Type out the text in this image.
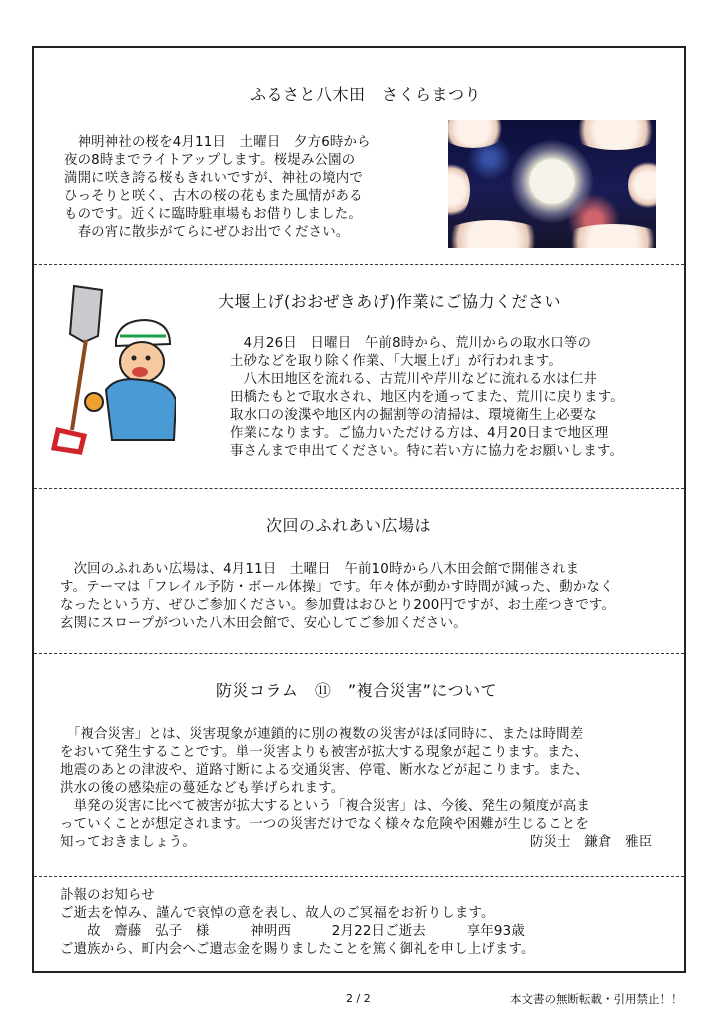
ふるさと八木田　さくらまつり
　神明神社の桜を4月11日　土曜日　夕方6時から
夜の8時までライトアップします。桜堤み公園の
満開に咲き誇る桜もきれいですが、神社の境内で
ひっそりと咲く、古木の桜の花もまた風情がある
ものです。近くに臨時駐車場もお借りしました。
　春の宵に散歩がてらにぜひお出でください。
大堰上げ(おおぜきあげ)作業にご協力ください
　4月26日　日曜日　午前8時から、荒川からの取水口等の
土砂などを取り除く作業、「大堰上げ」が行われます。
　八木田地区を流れる、古荒川や芹川などに流れる水は仁井
田橋たもとで取水され、地区内を通ってまた、荒川に戻ります。
取水口の浚渫や地区内の掘割等の清掃は、環境衛生上必要な
作業になります。ご協力いただける方は、4月20日まで地区理
事さんまで申出てください。特に若い方に協力をお願いします。
次回のふれあい広場は
　次回のふれあい広場は、4月11日　土曜日　午前10時から八木田会館で開催されま
す。テーマは「フレイル予防・ボール体操」です。年々体が動かす時間が減った、動かなく
なったという方、ぜひご参加ください。参加費はおひとり200円ですが、お土産つきです。
玄関にスロープがついた八木田会館で、安心してご参加ください。
防災コラム　⑪　”複合災害”について
　「複合災害」とは、災害現象が連鎖的に別の複数の災害がほぼ同時に、または時間差
をおいて発生することです。単一災害よりも被害が拡大する現象が起こります。また、
地震のあとの津波や、道路寸断による交通災害、停電、断水などが起こります。また、
洪水の後の感染症の蔓延なども挙げられます。
　単発の災害に比べて被害が拡大するという「複合災害」は、今後、発生の頻度が高ま
っていくことが想定されます。一つの災害だけでなく様々な危険や困難が生じることを
知っておきましょう。	防災士　鎌倉　雅臣
訃報のお知らせ
ご逝去を悼み、謹んで哀悼の意を表し、故人のご冥福をお祈りします。
　　故　齋藤　弘子　様　　　神明西　　　2月22日ご逝去　　　享年93歳
ご遺族から、町内会へご遺志金を賜りましたことを篤く御礼を申し上げます。
2 / 2	本文書の無断転載・引用禁止！！
